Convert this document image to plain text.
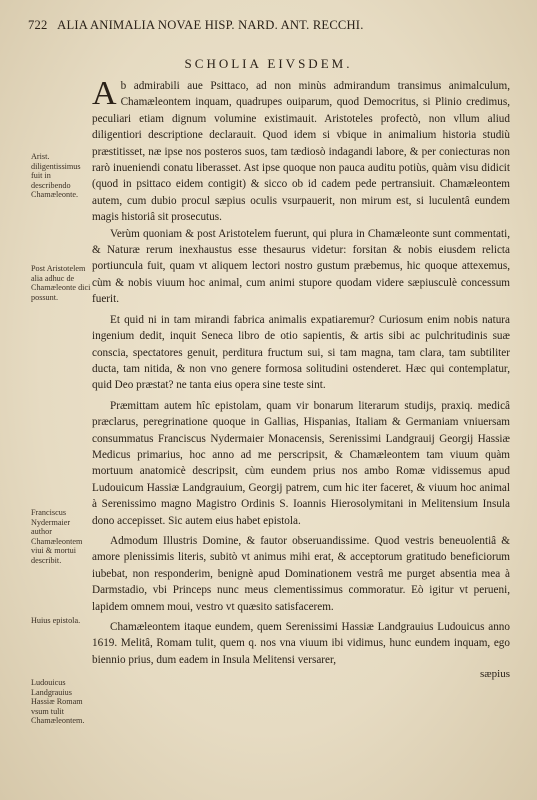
722 ALIA ANIMALIA NOVAE HISP. NARD. ANT. RECCHI.
SCHOLIA EIVSDEM.

Ab admirabili aue Psittaco, ad non minùs admirandum transimus animalculum, Chamæleontem inquam, quadrupes ouiparum, quod Democritus, si Plinio credimus, peculiari etiam dignum volumine existimauit. Aristoteles profectò, non vllum aliud diligentiori descriptione declarauit. Quod idem si vbique in animalium historia studiù præstitisset, næ ipse nos posteros suos, tam tædiosò indagandi labore, & per coniecturas non rarò inueniendi conatu liberasset. Ast ipse quoque non pauca auditu potiùs, quàm visu didicit (quod in psittaco eidem contigit) & sicco ob id cadem pede pertransiuit. Chamæleontem autem, cum dubio procul sæpius oculis vsurpauerit, non mirum est, si luculentâ eundem magis historiâ sit prosecutus.

Verùm quoniam & post Aristotelem fuerunt, qui plura in Chamæleonte sunt commentati, & Naturæ rerum inexhaustus esse thesaurus videtur: forsitan & nobis eiusdem relicta portiuncula fuit, quam vt aliquem lectori nostro gustum præbemus, hic quoque attexemus, cùm & nobis viuum hoc animal, cum animi stupore quodam videre sæpiusculè concessum fuerit.

Et quid ni in tam mirandi fabrica animalis expatiaremur? Curiosum enim nobis natura ingenium dedit, inquit Seneca libro de otio sapientis, & artis sibi ac pulchritudinis suæ conscia, spectatores genuit, perditura fructum sui, si tam magna, tam clara, tam subtiliter ducta, tam nitida, & non vno genere formosa solitudini ostenderet. Hæc qui contemplatur, quid Deo præstat? ne tanta eius opera sine teste sint.

Præmittam autem hîc epistolam, quam vir bonarum literarum studijs, praxiq. medicâ præclarus, peregrinatione quoque in Gallias, Hispanias, Italiam & Germaniam vniuersam consummatus Franciscus Nydermaier Monacensis, Serenissimi Landgrauij Georgij Hassiæ Medicus primarius, hoc anno ad me perscripsit, & Chamæleontem tam viuum quàm mortuum anatomicè descripsit, cùm eundem prius nos ambo Romæ vidissemus apud Ludouicum Hassiæ Landgrauium, Georgij patrem, cum hic iter faceret, & viuum hoc animal à Serenissimo magno Magistro Ordinis S. Ioannis Hierosolymitani in Melitensium Insula dono accepisset. Sic autem eius habet epistola.

Admodum Illustris Domine, & fautor obseruandissime. Quod vestris beneuolentiâ & amore plenissimis literis, subitò vt animus mihi erat, & acceptorum gratitudo beneficiorum iubebat, non responderim, benignè apud Dominationem vestrâ me purget absentia mea à Darmstadio, vbi Princeps nunc meus clementissimus commoratur. Eò igitur vt perueni, lapidem omnem moui, vestro vt quæsito satisfacerem.

Chamæleontem itaque eundem, quem Serenissimi Hassiæ Landgrauius Ludouicus anno 1619. Melitâ, Romam tulit, quem q. nos vna viuum ibi vidimus, hunc eundem inquam, ego biennio prius, dum eadem in Insula Melitensi versarer,

sæpius
Arist. diligentissimus fuit in describendo Chamæleonte.
Post Aristotelem alia adhuc de Chamæleonte dici possunt.
Franciscus Nydermaier author Chamæleontem viui & mortui describit.
Huius epistola.
Ludouicus Landgrauius Hassiæ Romam vsum tulit Chamæleontem.
